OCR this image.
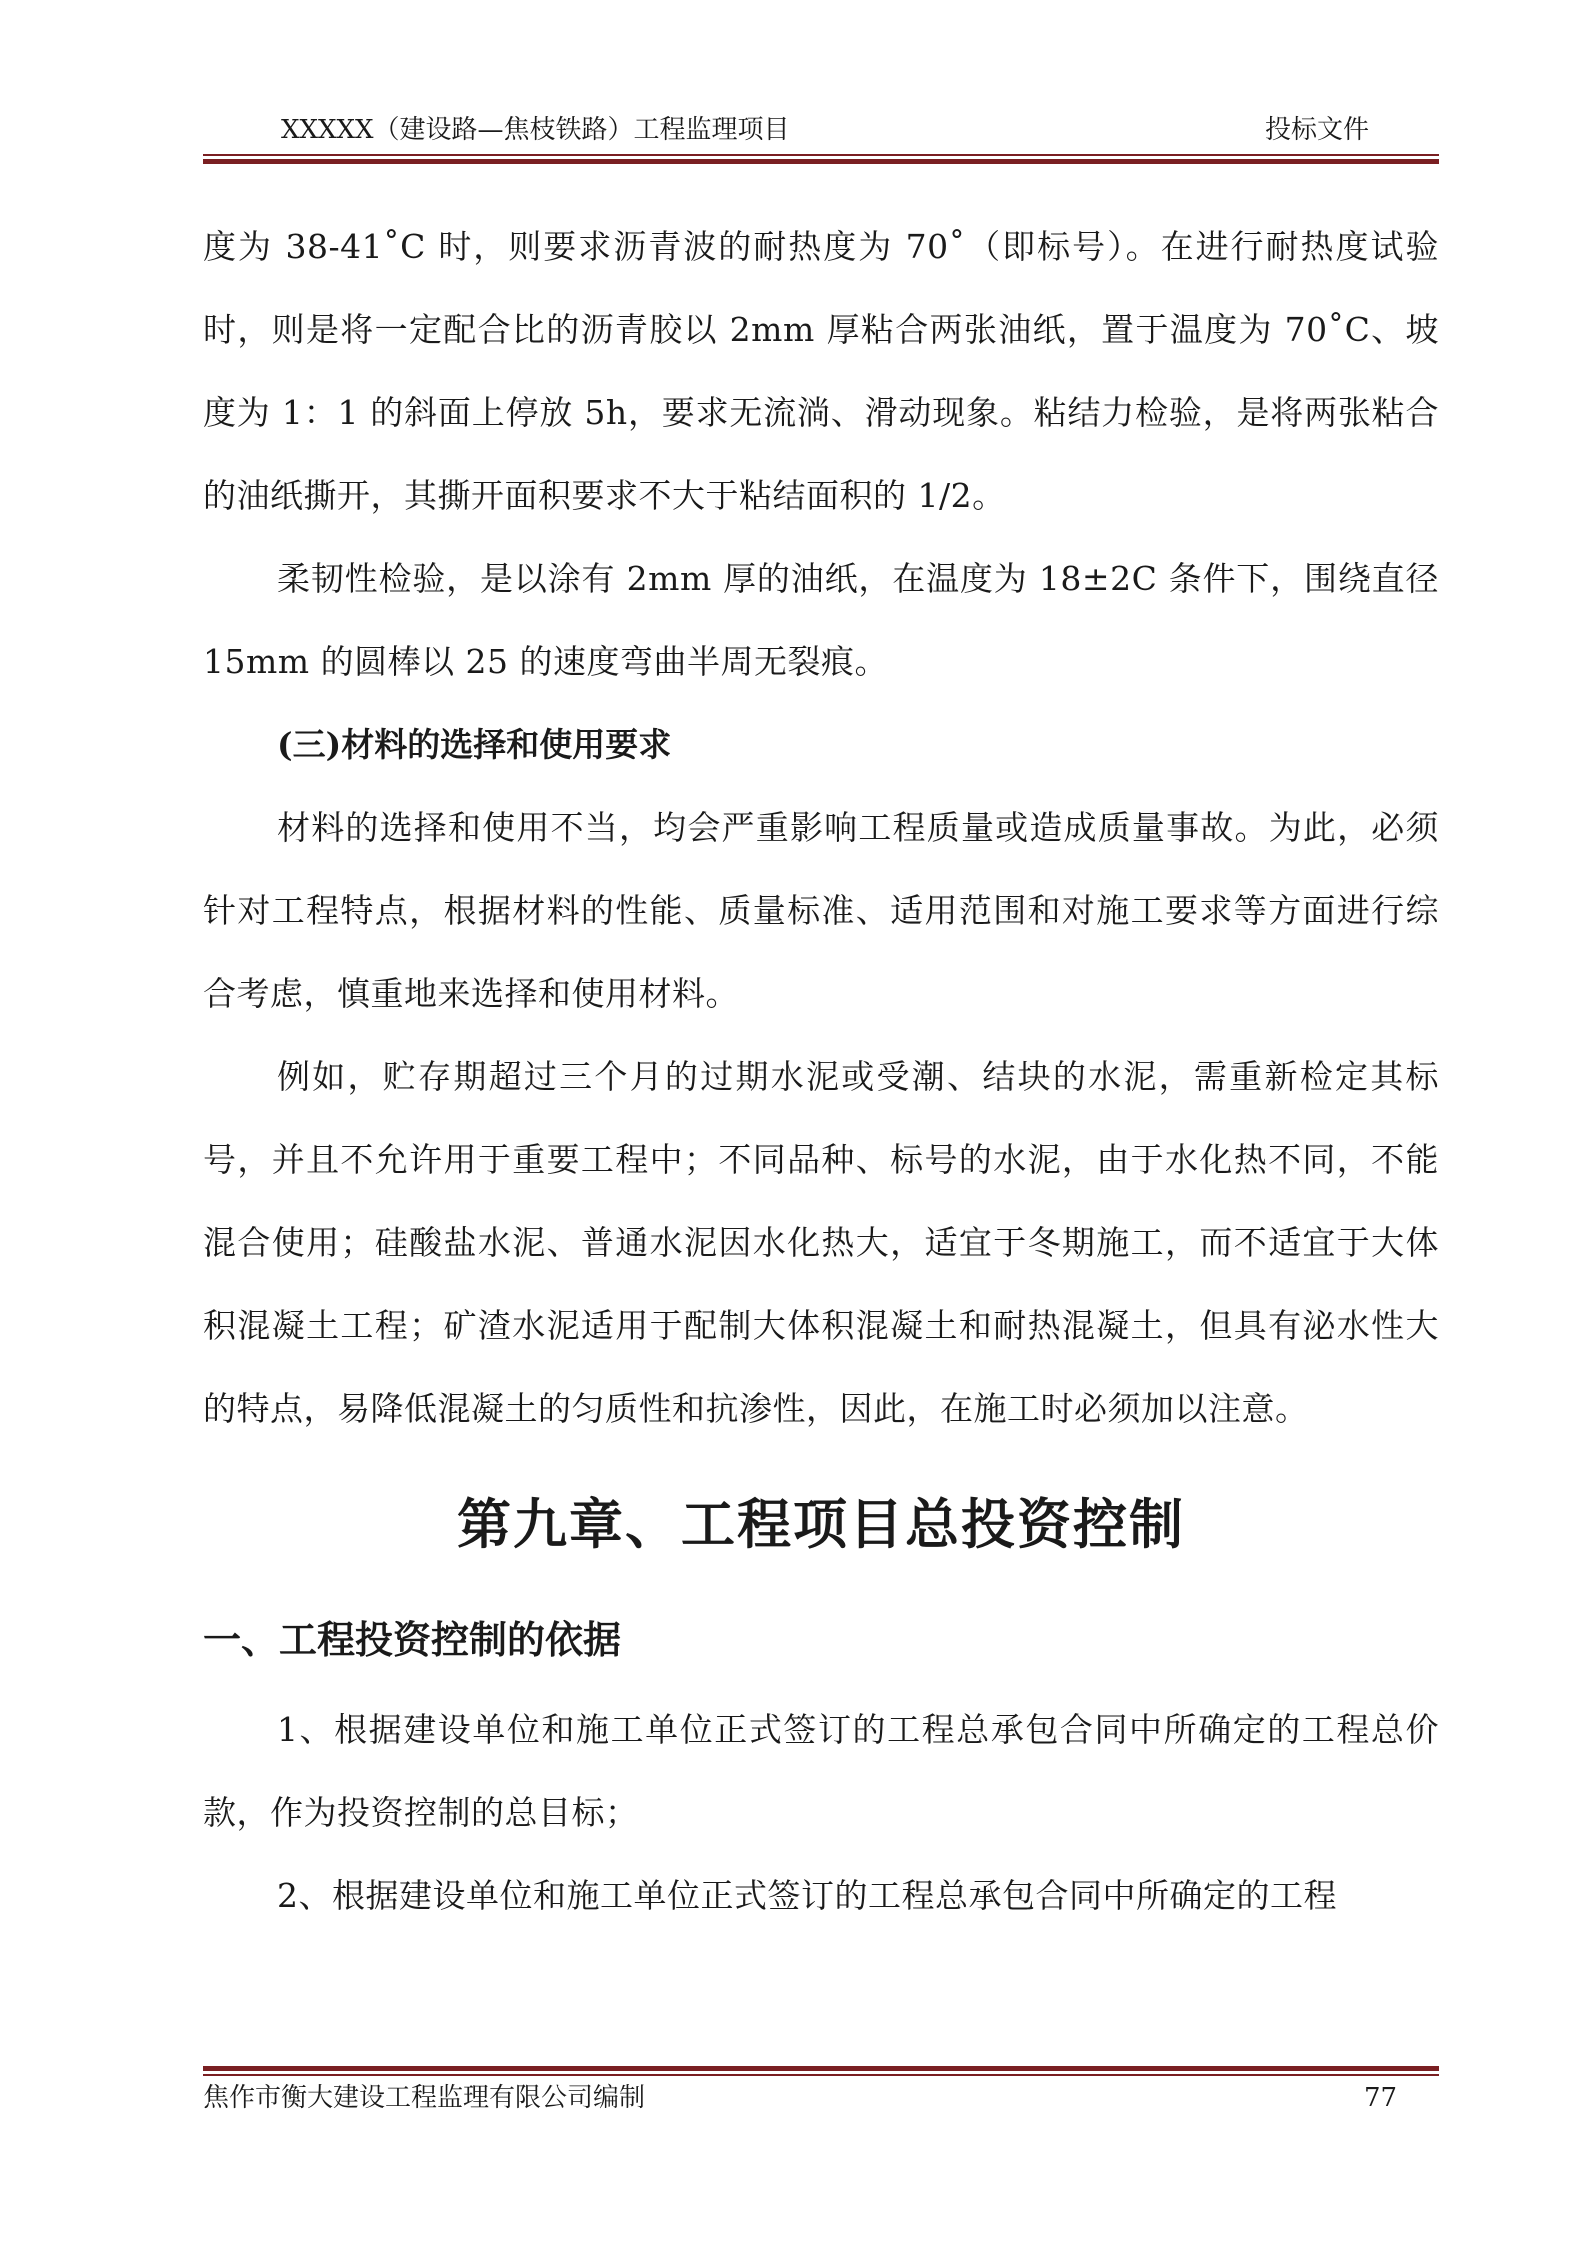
XXXXX（建设路—焦枝铁路）工程监理项目	投标文件

度为 38-41˚C 时，则要求沥青波的耐热度为 70˚（即标号）。在进行耐热度试验时，则是将一定配合比的沥青胶以 2mm 厚粘合两张油纸，置于温度为 70˚C、坡度为 1：1 的斜面上停放 5h，要求无流淌、滑动现象。粘结力检验，是将两张粘合的油纸撕开，其撕开面积要求不大于粘结面积的 1/2。

柔韧性检验，是以涂有 2mm 厚的油纸，在温度为 18±2C 条件下，围绕直径 15mm 的圆棒以 25 的速度弯曲半周无裂痕。

(三)材料的选择和使用要求

材料的选择和使用不当，均会严重影响工程质量或造成质量事故。为此，必须针对工程特点，根据材料的性能、质量标准、适用范围和对施工要求等方面进行综合考虑，慎重地来选择和使用材料。

例如，贮存期超过三个月的过期水泥或受潮、结块的水泥，需重新检定其标号，并且不允许用于重要工程中；不同品种、标号的水泥，由于水化热不同，不能混合使用；硅酸盐水泥、普通水泥因水化热大，适宜于冬期施工，而不适宜于大体积混凝土工程；矿渣水泥适用于配制大体积混凝土和耐热混凝土，但具有泌水性大的特点，易降低混凝土的匀质性和抗渗性，因此，在施工时必须加以注意。

第九章、工程项目总投资控制
一、工程投资控制的依据

1、根据建设单位和施工单位正式签订的工程总承包合同中所确定的工程总价款，作为投资控制的总目标；

2、根据建设单位和施工单位正式签订的工程总承包合同中所确定的工程

焦作市衡大建设工程监理有限公司编制	77
